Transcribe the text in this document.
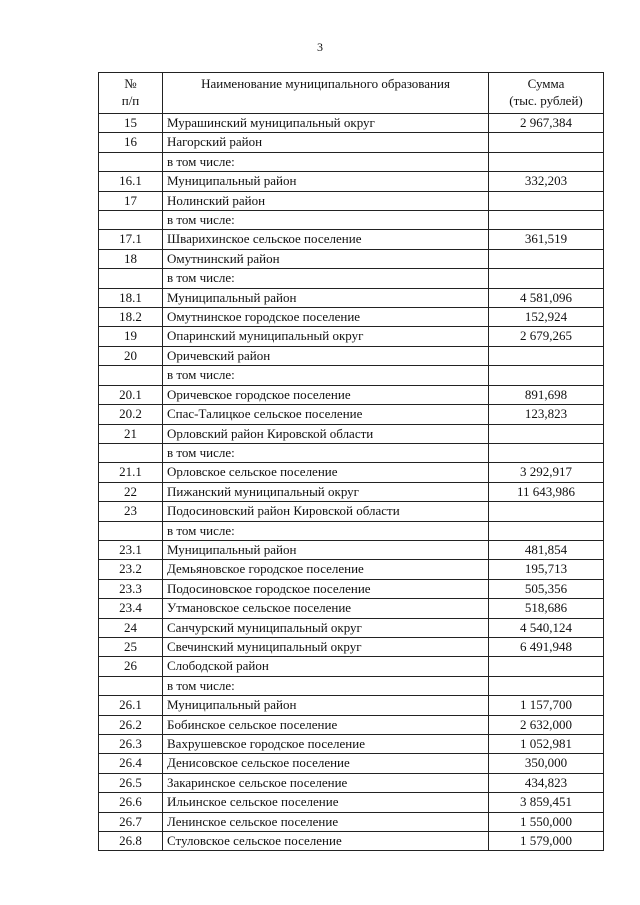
3
№
п/п	Наименование муниципального образования	Сумма
(тыс. рублей)
15	Мурашинский муниципальный округ	2 967,384
16	Нагорский район	
	в том числе:	
16.1	Муниципальный район	332,203
17	Нолинский район	
	в том числе:	
17.1	Шварихинское сельское поселение	361,519
18	Омутнинский район	
	в том числе:	
18.1	Муниципальный район	4 581,096
18.2	Омутнинское городское поселение	152,924
19	Опаринский муниципальный округ	2 679,265
20	Оричевский район	
	в том числе:	
20.1	Оричевское городское поселение	891,698
20.2	Спас-Талицкое сельское поселение	123,823
21	Орловский район Кировской области	
	в том числе:	
21.1	Орловское сельское поселение	3 292,917
22	Пижанский муниципальный округ	11 643,986
23	Подосиновский район Кировской области	
	в том числе:	
23.1	Муниципальный район	481,854
23.2	Демьяновское городское поселение	195,713
23.3	Подосиновское городское поселение	505,356
23.4	Утмановское сельское поселение	518,686
24	Санчурский муниципальный округ	4 540,124
25	Свечинский муниципальный округ	6 491,948
26	Слободской район	
	в том числе:	
26.1	Муниципальный район	1 157,700
26.2	Бобинское сельское поселение	2 632,000
26.3	Вахрушевское городское поселение	1 052,981
26.4	Денисовское сельское поселение	350,000
26.5	Закаринское сельское поселение	434,823
26.6	Ильинское сельское поселение	3 859,451
26.7	Ленинское сельское поселение	1 550,000
26.8	Стуловское сельское поселение	1 579,000
